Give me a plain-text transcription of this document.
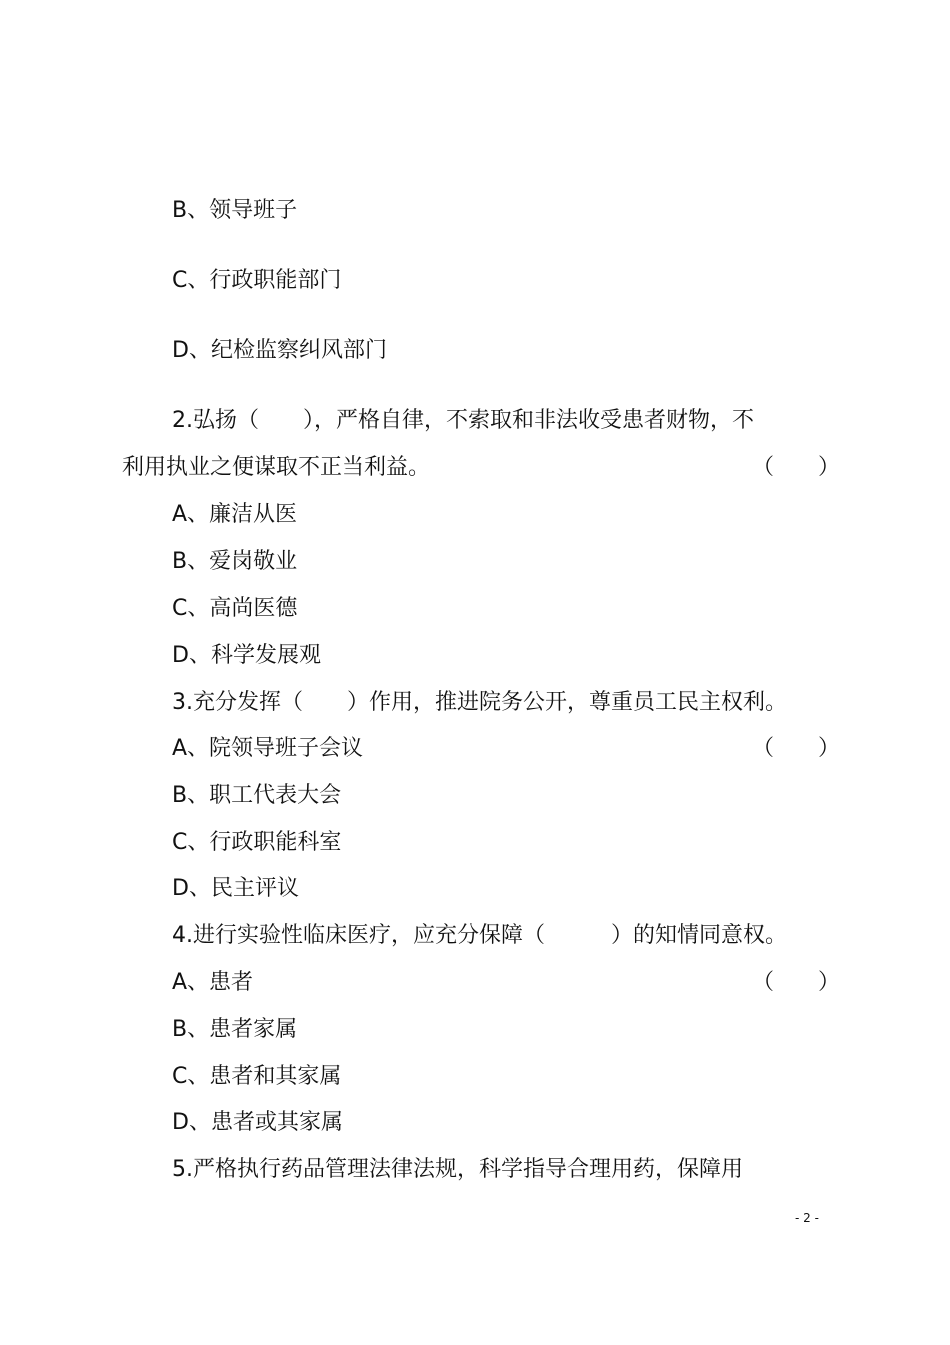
B、领导班子
C、行政职能部门
D、纪检监察纠风部门
2.弘扬（　　），严格自律，不索取和非法收受患者财物，不
利用执业之便谋取不正当利益。	（　　）
A、廉洁从医
B、爱岗敬业
C、高尚医德
D、科学发展观
3.充分发挥（　　）作用，推进院务公开，尊重员工民主权利。
A、院领导班子会议	（　　）
B、职工代表大会
C、行政职能科室
D、民主评议
4.进行实验性临床医疗，应充分保障（　　　）的知情同意权。
A、患者	（　　）
B、患者家属
C、患者和其家属
D、患者或其家属
5.严格执行药品管理法律法规，科学指导合理用药，保障用
- 2 -
